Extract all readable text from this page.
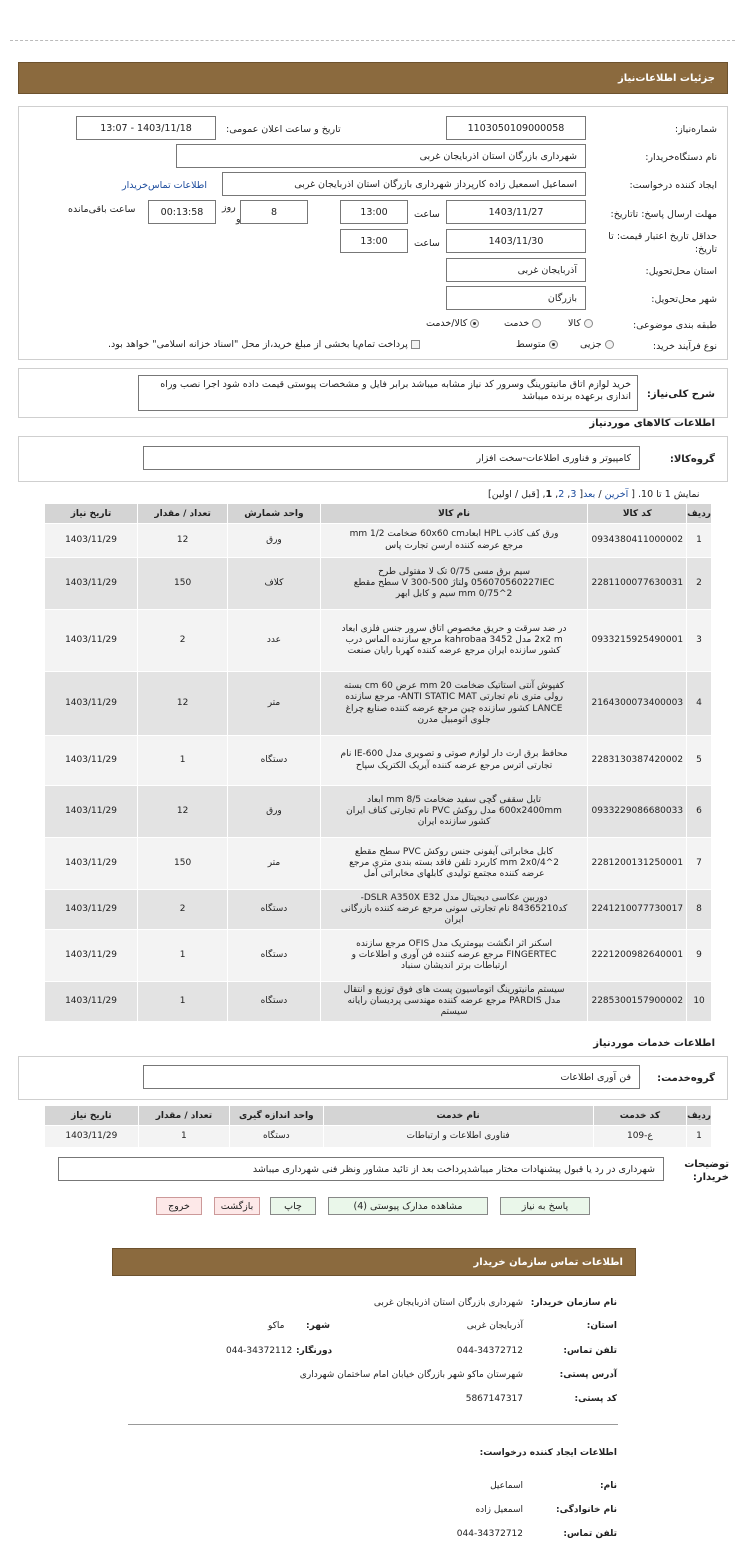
جزئیات اطلاعات‌نیاز
شماره‌نیاز:
1103050109000058
تاریخ و ساعت اعلان عمومی:
1403/11/18 - 13:07
نام دستگاه‌خریدار:
شهرداری بازرگان استان اذربایجان غربی
ایجاد کننده درخواست:
اسماعیل اسمعیل زاده کارپرداز شهرداری بازرگان استان اذربایجان غربی
اطلاعات تماس‌خریدار
مهلت ارسال پاسخ: تاتاریخ:
1403/11/27
ساعت
13:00
8
روز
و
00:13:58
ساعت باقی‌مانده
حداقل تاریخ اعتبار قیمت: تا تاریخ:
1403/11/30
ساعت
13:00
استان محل‌تحویل:
آذربایجان غربی
شهر محل‌تحویل:
بازرگان
طبقه بندی موضوعی:
کالا
خدمت
کالا/خدمت
نوع فرآیند خرید:
جزیی
متوسط
پرداخت تمام‌یا بخشی از مبلغ خرید،از محل "اسناد خزانه اسلامی" خواهد بود.
شرح کلی‌نیاز:
خرید لوازم اتاق مانیتورینگ وسرور کد نیاز مشابه میباشد برابر فایل و مشخصات پیوستی قیمت داده شود اجرا نصب وراه اندازی برعهده برنده میباشد
اطلاعات کالاهای موردنیاز
گروه‌کالا:
کامپیوتر و فناوری اطلاعات-سخت افزار
نمایش 1 تا 10. [ آخرین / بعد[ 3, 2, 1, [قبل / اولین]
ردیف	کد کالا	نام کالا	واحد شمارش	تعداد / مقدار	تاریخ نیاز
1	0934380411000002	ورق کف کاذب HPL ابعاد60x60 cm ضخامت 1/2 mm مرجع عرضه کننده ارسن تجارت پاس	ورق	12	1403/11/29
2	2281100077630031	سیم برق مسی 0/75 تک لا مفتولی طرح 056070560227IEC ولتاژ 500-300 V سطح مقطع 2^mm 0/75 سیم و کابل ابهر	کلاف	150	1403/11/29
3	0933215925490001	در ضد سرقت و حریق مخصوص اتاق سرور جنس فلزی ابعاد 2x2 m مدل 3452 kahrobaa مرجع سازنده الماس درب کشور سازنده ایران مرجع عرضه کننده کهربا رایان صنعت	عدد	2	1403/11/29
4	2164300073400003	کفپوش آنتی استاتیک ضخامت 20 mm عرض 60 cm بسته رولی متری نام تجارتی ANTI STATIC MAT- مرجع سازنده LANCE کشور سازنده چین مرجع عرضه کننده صنایع چراغ جلوی اتومبیل مدرن	متر	12	1403/11/29
5	2283130387420002	محافظ برق ارت دار لوازم صوتی و تصویری مدل IE-600 نام تجارتی اترس مرجع عرضه کننده آیریک الکتریک سپاح	دستگاه	1	1403/11/29
6	0933229086680033	تایل سقفی گچی سفید ضخامت 8/5 mm ابعاد 600x2400mm مدل روکش PVC نام تجارتی کناف ایران کشور سازنده ایران	ورق	12	1403/11/29
7	2281200131250001	کابل مخابراتی آیفونی جنس روکش PVC سطح مقطع 2^mm 2x0/4 کاربرد تلفن فاقد بسته بندی متری مرجع عرضه کننده مجتمع تولیدی کابلهای مخابراتی آمل	متر	150	1403/11/29
8	2241210077730017	دوربین عکاسی دیجیتال مدل DSLR A350X E32- کد84365210 نام تجارتی سونی مرجع عرضه کننده بازرگانی ایران	دستگاه	2	1403/11/29
9	2221200982640001	اسکنر اثر انگشت بیومتریک مدل OFIS مرجع سازنده FINGERTEC مرجع عرضه کننده فن آوری و اطلاعات و ارتباطات برتر اندیشان سنباد	دستگاه	1	1403/11/29
10	2285300157900002	سیستم مانیتورینگ اتوماسیون پست های فوق توزیع و انتقال مدل PARDIS مرجع عرضه کننده مهندسی پردیسان رایانه سیستم	دستگاه	1	1403/11/29
اطلاعات خدمات موردنیاز
گروه‌خدمت:
فن آوری اطلاعات
ردیف	کد خدمت	نام خدمت	واحد اندازه گیری	تعداد / مقدار	تاریخ نیاز
1	ع-109	فناوری اطلاعات و ارتباطات	دستگاه	1	1403/11/29
توضیحات خریدار:
شهرداری در رد یا قبول پیشنهادات مختار میباشدپرداخت بعد از تائید مشاور ونظر فنی شهرداری میباشد
پاسخ به نیاز
مشاهده مدارک پیوستی (4)
چاپ
بازگشت
خروج
اطلاعات تماس سازمان خریدار
نام سازمان خریدار:
شهرداری بازرگان استان اذربایجان غربی
استان:
آذربایجان غربی
شهر:
ماکو
تلفن تماس:
044-34372712
دورنگار:
044-34372112
آدرس پستی:
شهرستان ماکو شهر بازرگان خیابان امام ساختمان شهرداری
کد پستی:
5867147317
اطلاعات ایجاد کننده درخواست:
نام:
اسماعیل
نام خانوادگی:
اسمعیل زاده
تلفن تماس:
044-34372712
